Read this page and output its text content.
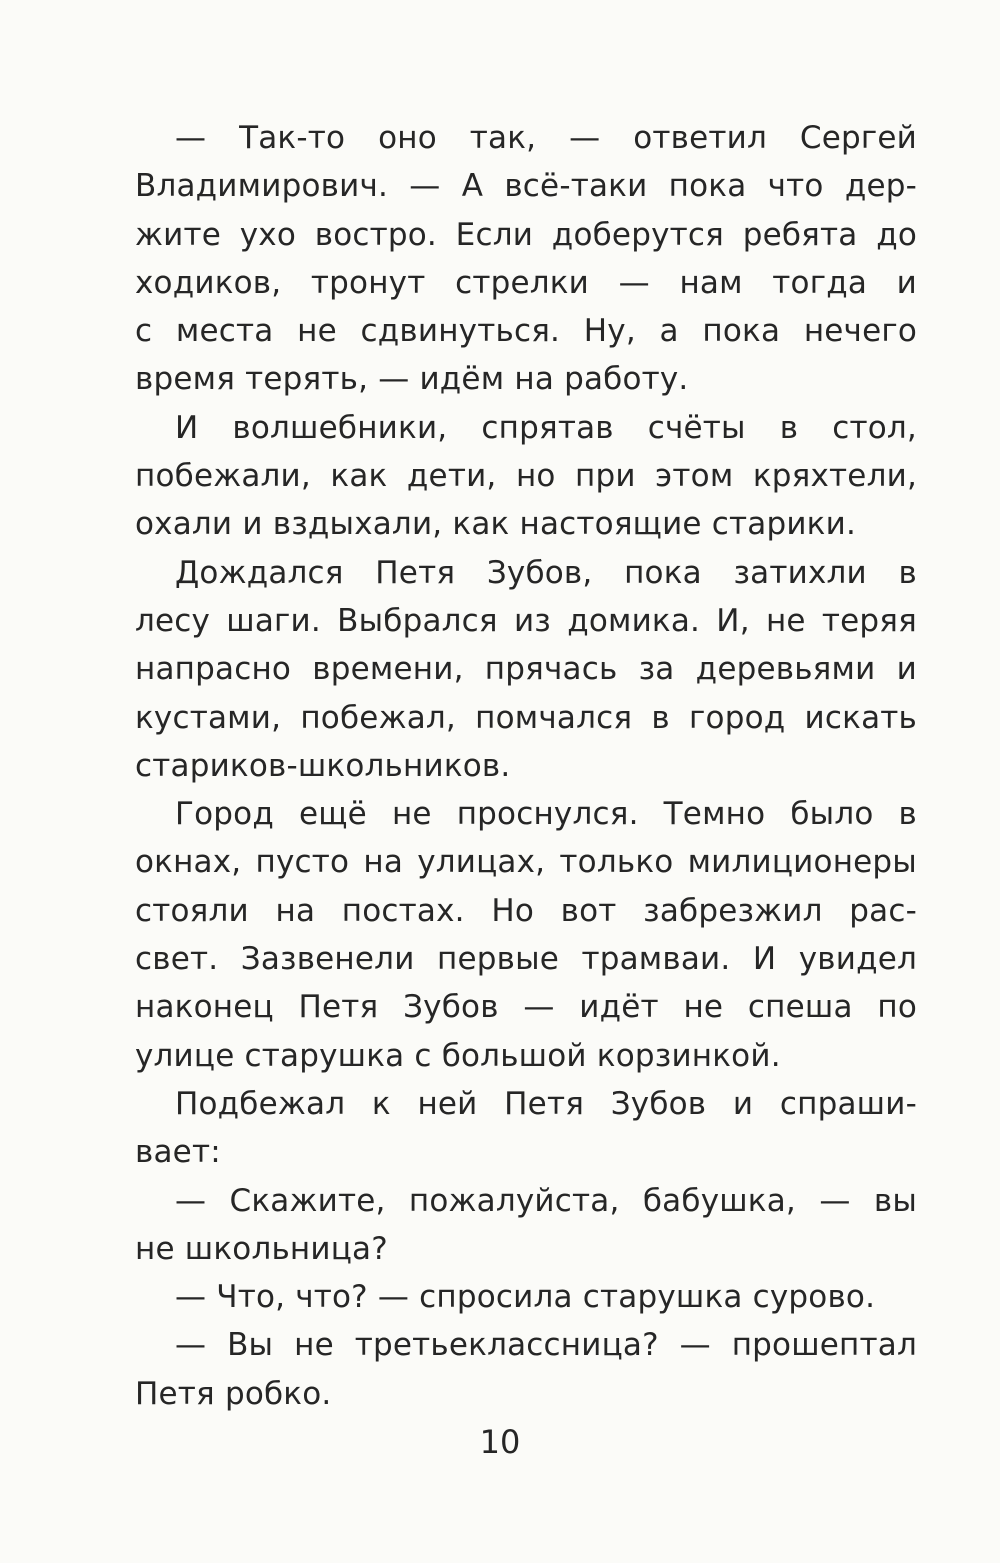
— Так-то оно так, — ответил Сергей
Владимирович. — А всё-таки пока что дер-
жите ухо востро. Если доберутся ребята до
ходиков, тронут стрелки — нам тогда и
с места не сдвинуться. Ну, а пока нечего
время терять, — идём на работу.

И волшебники, спрятав счёты в стол,
побежали, как дети, но при этом кряхтели,
охали и вздыхали, как настоящие старики.

Дождался Петя Зубов, пока затихли в
лесу шаги. Выбрался из домика. И, не теряя
напрасно времени, прячась за деревьями и
кустами, побежал, помчался в город искать
стариков-школьников.

Город ещё не проснулся. Темно было в
окнах, пусто на улицах, только милиционеры
стояли на постах. Но вот забрезжил рас-
свет. Зазвенели первые трамваи. И увидел
наконец Петя Зубов — идёт не спеша по
улице старушка с большой корзинкой.

Подбежал к ней Петя Зубов и спраши-
вает:

— Скажите, пожалуйста, бабушка, — вы
не школьница?

— Что, что? — спросила старушка сурово.

— Вы не третьеклассница? — прошептал
Петя робко.

10
